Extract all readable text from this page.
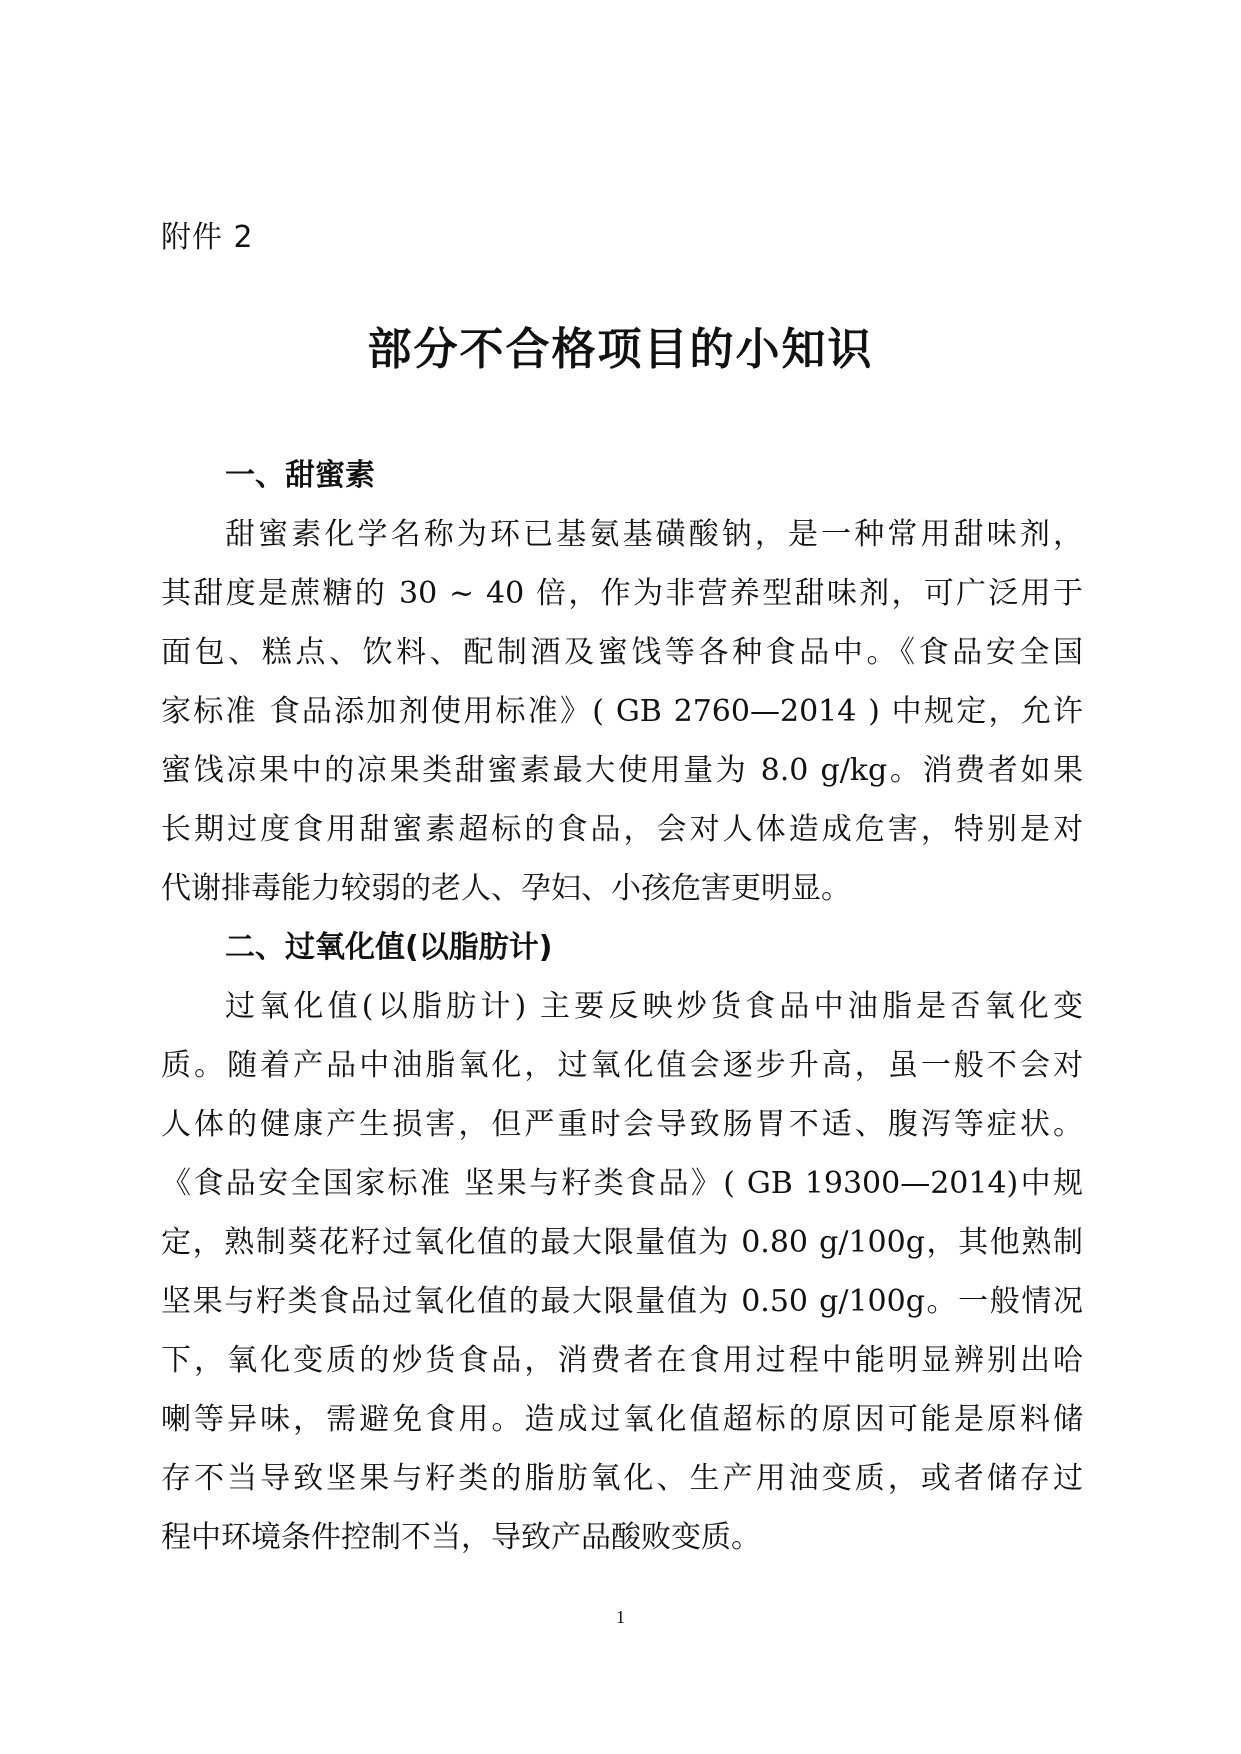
附件 2
部分不合格项目的小知识
一、甜蜜素
甜蜜素化学名称为环已基氨基磺酸钠，是一种常用甜味剂，
其甜度是蔗糖的 30 ~ 40 倍，作为非营养型甜味剂，可广泛用于
面包、糕点、饮料、配制酒及蜜饯等各种食品中。《食品安全国
家标准 食品添加剂使用标准》( GB 2760—2014 ) 中规定，允许
蜜饯凉果中的凉果类甜蜜素最大使用量为 8.0 g/kg。消费者如果
长期过度食用甜蜜素超标的食品，会对人体造成危害，特别是对
代谢排毒能力较弱的老人、孕妇、小孩危害更明显。
二、过氧化值(以脂肪计)
过氧化值(以脂肪计) 主要反映炒货食品中油脂是否氧化变
质。随着产品中油脂氧化，过氧化值会逐步升高，虽一般不会对
人体的健康产生损害，但严重时会导致肠胃不适、腹泻等症状。
《食品安全国家标准 坚果与籽类食品》( GB 19300—2014)中规
定，熟制葵花籽过氧化值的最大限量值为 0.80 g/100g，其他熟制
坚果与籽类食品过氧化值的最大限量值为 0.50 g/100g。一般情况
下，氧化变质的炒货食品，消费者在食用过程中能明显辨别出哈
喇等异味，需避免食用。造成过氧化值超标的原因可能是原料储
存不当导致坚果与籽类的脂肪氧化、生产用油变质，或者储存过
程中环境条件控制不当，导致产品酸败变质。
1
